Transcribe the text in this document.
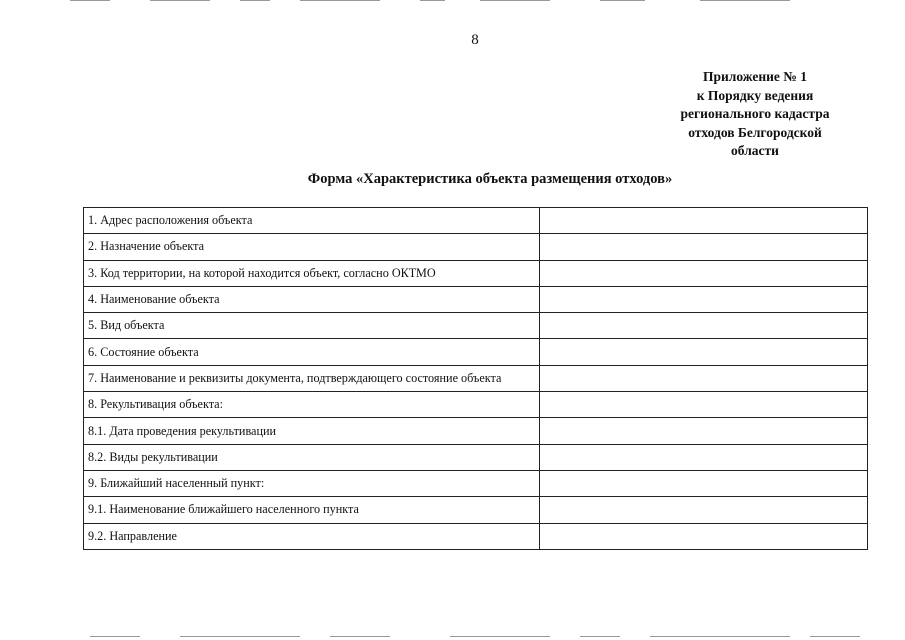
8
Приложение № 1
к Порядку ведения
регионального кадастра
отходов Белгородской
области
Форма «Характеристика объекта размещения отходов»
1. Адрес расположения объекта	
2. Назначение объекта	
3. Код территории, на которой находится объект, согласно ОКТМО	
4. Наименование объекта	
5. Вид объекта	
6. Состояние объекта	
7. Наименование и реквизиты документа, подтверждающего состояние объекта	
8. Рекультивация объекта:	
8.1. Дата проведения рекультивации	
8.2. Виды рекультивации	
9. Ближайший населенный пункт:	
9.1. Наименование ближайшего населенного пункта	
9.2. Направление	
